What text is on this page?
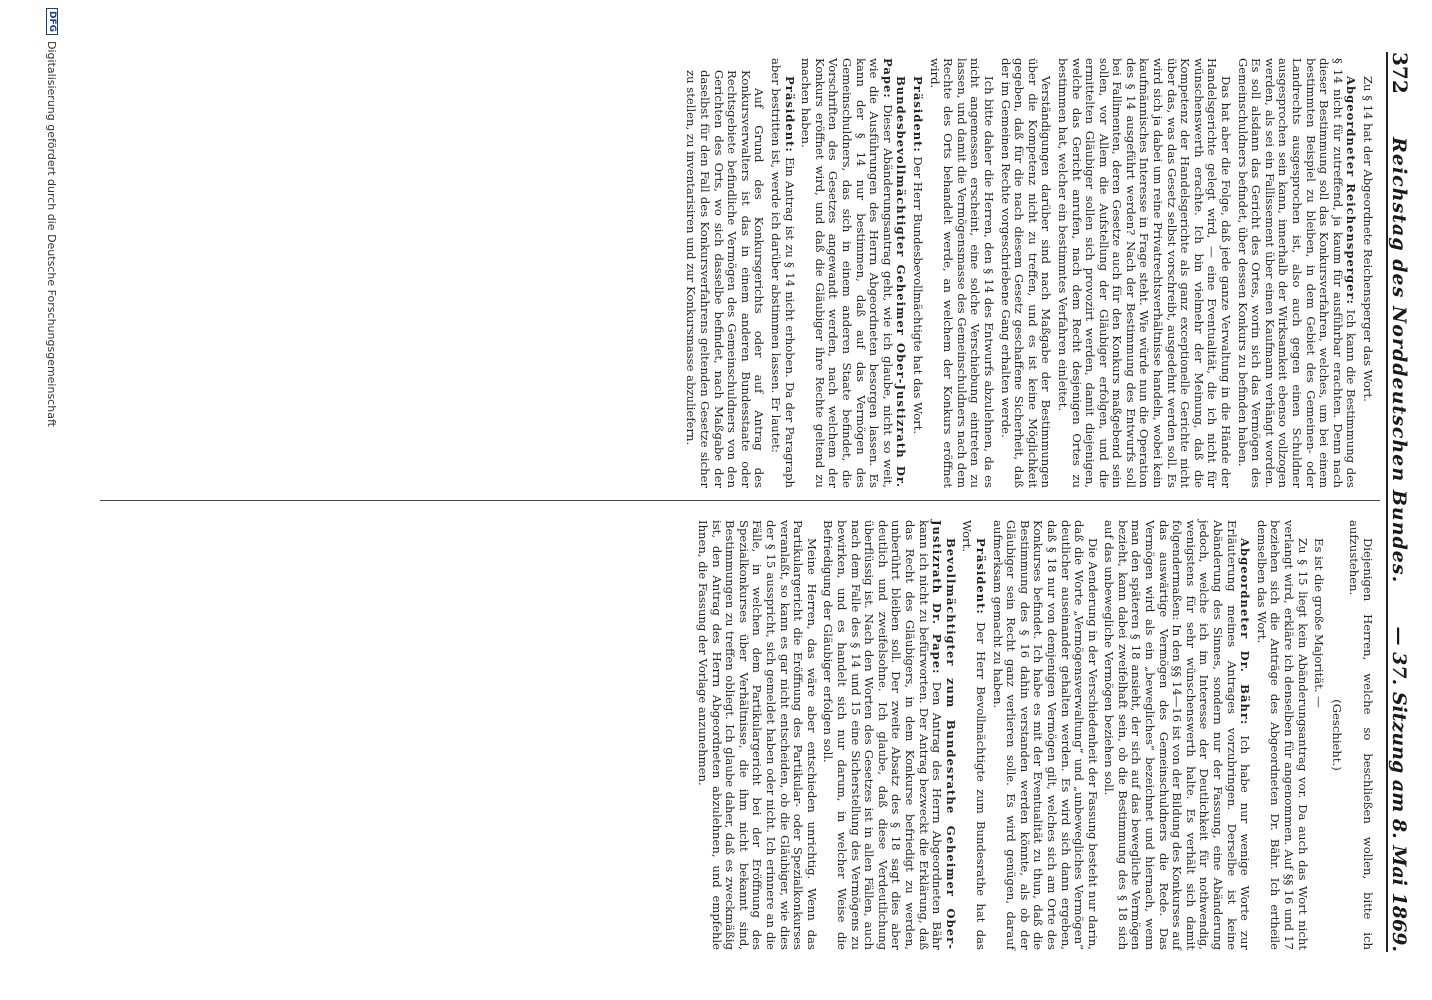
372
Reichstag des Norddeutschen Bundes.
— 37. Sitzung am 8. Mai 1869.

Zu § 14 hat der Abgeordnete Reichensperger das Wort.

Abgeordneter Reichensperger: Ich kann die Bestimmung des § 14 nicht für zutreffend, ja kaum für ausführbar erachten. Denn nach dieser Bestimmung soll das Konkursverfahren, welches, um bei einem bestimmten Beispiel zu bleiben, in dem Gebiet des Gemeinen- oder Landrechts ausgesprochen ist, also auch gegen einen Schuldner ausgesprochen sein kann, innerhalb der Wirksamkeit ebenso vollzogen werden, als sei ein Fallissement über einen Kaufmann verhängt worden. Es soll alsdann das Gericht des Ortes, worin sich das Vermögen des Gemeinschuldners befindet, über dessen Konkurs zu befinden haben.

Das hat aber die Folge, daß jede ganze Verwaltung in die Hände der Handelsgerichte gelegt wird, — eine Eventualität, die ich nicht für wünschenswerth erachte. Ich bin vielmehr der Meinung, daß die Kompetenz der Handelsgerichte als ganz exceptionelle Gerichte nicht über das, was das Gesetz selbst vorschreibt, ausgedehnt werden soll. Es wird sich ja dabei um reine Privatrechtsverhältnisse handeln, wobei kein kaufmännisches Interesse in Frage steht. Wie würde nun die Operation des § 14 ausgeführt werden? Nach der Bestimmung des Entwurfs soll bei Fallimenten, deren Gesetze auch für den Konkurs maßgebend sein sollen, vor Allem die Aufstellung der Gläubiger erfolgen, und die ermittelten Gläubiger sollen sich provozirt werden, damit diejenigen, welche das Gericht anrufen, nach dem Recht desjenigen Ortes zu bestimmen hat, welcher ein bestimmtes Verfahren einleitet.

Verständigungen darüber sind nach Maßgabe der Bestimmungen über die Kompetenz nicht zu treffen, und es ist keine Möglichkeit gegeben, daß für die nach diesem Gesetz geschaffene Sicherheit, daß der im Gemeinen Rechte vorgeschriebene Gang erhalten werde.

Ich bitte daher die Herren, den § 14 des Entwurfs abzulehnen, da es nicht angemessen erscheint, eine solche Verschiebung eintreten zu lassen, und damit die Vermögensmasse des Gemeinschuldners nach dem Rechte des Orts behandelt werde, an welchem der Konkurs eröffnet wird.

Präsident: Der Herr Bundesbevollmächtigte hat das Wort.

Bundesbevollmächtigter Geheimer Ober-Justizrath Dr. Pape: Dieser Abänderungsantrag geht, wie ich glaube, nicht so weit, wie die Ausführungen des Herrn Abgeordneten besorgen lassen. Es kann der § 14 nur bestimmen, daß auf das Vermögen des Gemeinschuldners, das sich in einem anderen Staate befindet, die Vorschriften des Gesetzes angewandt werden, nach welchem der Konkurs eröffnet wird, und daß die Gläubiger ihre Rechte geltend zu machen haben.

Präsident: Ein Antrag ist zu § 14 nicht erhoben. Da der Paragraph aber bestritten ist, werde ich darüber abstimmen lassen. Er lautet:

Auf Grund des Konkursgerichts oder auf Antrag des Konkursverwalters ist das in einem anderen Bundesstaate oder Rechtsgebiete befindliche Vermögen des Gemeinschuldners von den Gerichten des Orts, wo sich dasselbe befindet, nach Maßgabe der daselbst für den Fall des Konkursverfahrens geltenden Gesetze sicher zu stellen, zu inventarisiren und zur Konkursmasse abzuliefern.

Diejenigen Herren, welche so beschließen wollen, bitte ich aufzustehen.

(Geschieht.)

Es ist die große Majorität. —

Zu § 15 liegt kein Abänderungsantrag vor. Da auch das Wort nicht verlangt wird, erkläre ich denselben für angenommen. Auf §§ 16 und 17 beziehen sich die Anträge des Abgeordneten Dr. Bähr. Ich ertheile demselben das Wort.

Abgeordneter Dr. Bähr: Ich habe nur wenige Worte zur Erläuterung meines Antrages vorzubringen. Derselbe ist keine Abänderung des Sinnes, sondern nur der Fassung, eine Abänderung jedoch, welche ich im Interesse der Deutlichkeit für nothwendig, wenigstens für sehr wünschenswerth halte. Es verhält sich damit folgendermaßen: In den §§ 14—16 ist von der Bildung des Konkurses auf das auswärtige Vermögen des Gemeinschuldners die Rede. Das Vermögen wird als ein „bewegliches“ bezeichnet und hiernach, wenn man den späteren § 18 ansieht, der sich auf das bewegliche Vermögen bezieht, kann dabei zweifelhaft sein, ob die Bestimmung des § 18 sich auf das unbewegliche Vermögen beziehen soll.

Die Aenderung in der Verschiedenheit der Fassung besteht nur darin, daß die Worte „Vermögensverwaltung“ und „unbewegliches Vermögen“ deutlicher auseinander gehalten werden. Es wird sich dann ergeben, daß § 18 nur von demjenigen Vermögen gilt, welches sich am Orte des Konkurses befindet. Ich habe es mit der Eventualität zu thun, daß die Bestimmung des § 16 dahin verstanden werden könnte, als ob der Gläubiger sein Recht ganz verlieren solle. Es wird genügen, darauf aufmerksam gemacht zu haben.

Präsident: Der Herr Bevollmächtigte zum Bundesrathe hat das Wort.

Bevollmächtigter zum Bundesrathe Geheimer Ober-Justizrath Dr. Pape: Den Antrag des Herrn Abgeordneten Bähr kann ich nicht zu befürworten. Der Antrag bezweckt die Erklärung, daß das Recht des Gläubigers, in dem Konkurse befriedigt zu werden, unberührt bleiben soll. Der zweite Absatz des § 18 sagt dies aber deutlich und zweifelsohne. Ich glaube, daß diese Verdeutlichung überflüssig ist. Nach den Worten des Gesetzes ist in allen Fällen, auch nach dem Falle des § 14 und 15 eine Sicherstellung des Vermögens zu bewirken, und es handelt sich nur darum, in welcher Weise die Befriedigung der Gläubiger erfolgen soll.

Meine Herren, das wäre aber entschieden unrichtig. Wenn das Partikulargericht die Eröffnung des Partikular- oder Spezialkonkurses veranlaßt, so kann es gar nicht entscheiden, ob die Gläubiger, wie dies der § 15 ausspricht, sich gemeldet haben oder nicht. Ich erinnere an die Fälle, in welchen dem Partikulargericht bei der Eröffnung des Spezialkonkurses über Verhältnisse, die ihm nicht bekannt sind, Bestimmungen zu treffen obliegt. Ich glaube daher, daß es zweckmäßig ist, den Antrag des Herrn Abgeordneten abzulehnen, und empfehle Ihnen, die Fassung der Vorlage anzunehmen.

DFG
Digitalisierung gefördert durch die Deutsche Forschungsgemeinschaft
